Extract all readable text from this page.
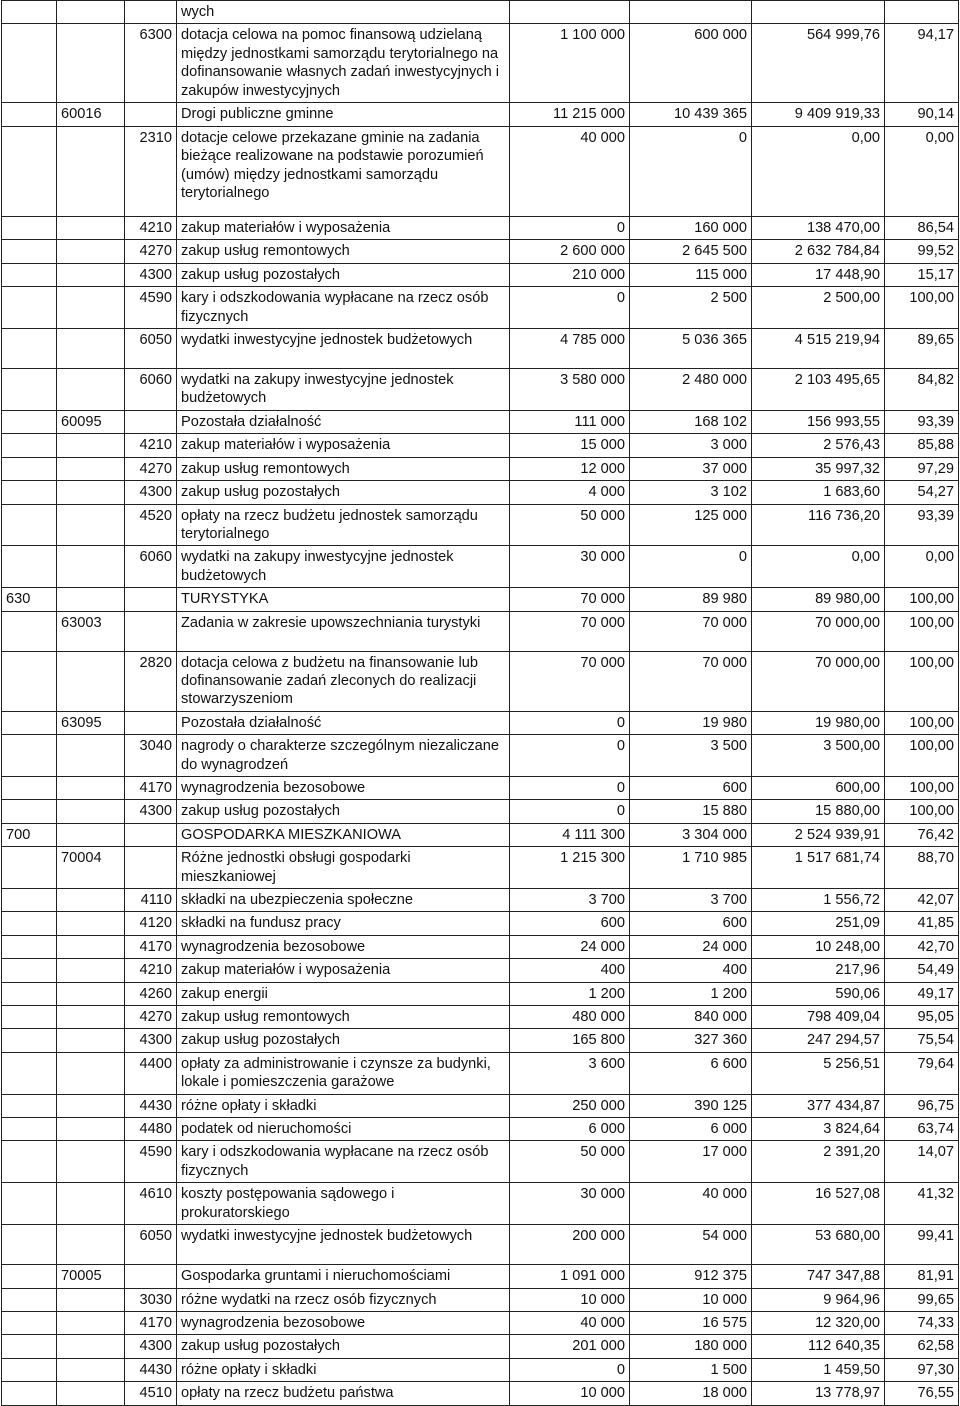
			wych				
		6300	dotacja celowa na pomoc finansową udzielaną między jednostkami samorządu terytorialnego na dofinansowanie własnych zadań inwestycyjnych i zakupów inwestycyjnych	1 100 000	600 000	564 999,76	94,17
	60016		Drogi publiczne gminne	11 215 000	10 439 365	9 409 919,33	90,14
		2310	dotacje celowe przekazane gminie na zadania bieżące realizowane na podstawie porozumień (umów) między jednostkami samorządu terytorialnego	40 000	0	0,00	0,00
		4210	zakup materiałów i wyposażenia	0	160 000	138 470,00	86,54
		4270	zakup usług remontowych	2 600 000	2 645 500	2 632 784,84	99,52
		4300	zakup usług pozostałych	210 000	115 000	17 448,90	15,17
		4590	kary i odszkodowania wypłacane na rzecz osób fizycznych	0	2 500	2 500,00	100,00
		6050	wydatki inwestycyjne jednostek budżetowych	4 785 000	5 036 365	4 515 219,94	89,65
		6060	wydatki na zakupy inwestycyjne jednostek budżetowych	3 580 000	2 480 000	2 103 495,65	84,82
	60095		Pozostała działalność	111 000	168 102	156 993,55	93,39
		4210	zakup materiałów i wyposażenia	15 000	3 000	2 576,43	85,88
		4270	zakup usług remontowych	12 000	37 000	35 997,32	97,29
		4300	zakup usług pozostałych	4 000	3 102	1 683,60	54,27
		4520	opłaty na rzecz budżetu jednostek samorządu terytorialnego	50 000	125 000	116 736,20	93,39
		6060	wydatki na zakupy inwestycyjne jednostek budżetowych	30 000	0	0,00	0,00
630			TURYSTYKA	70 000	89 980	89 980,00	100,00
	63003		Zadania w zakresie upowszechniania turystyki	70 000	70 000	70 000,00	100,00
		2820	dotacja celowa z budżetu na finansowanie lub dofinansowanie zadań zleconych do realizacji stowarzyszeniom	70 000	70 000	70 000,00	100,00
	63095		Pozostała działalność	0	19 980	19 980,00	100,00
		3040	nagrody o charakterze szczególnym niezaliczane do wynagrodzeń	0	3 500	3 500,00	100,00
		4170	wynagrodzenia bezosobowe	0	600	600,00	100,00
		4300	zakup usług pozostałych	0	15 880	15 880,00	100,00
700			GOSPODARKA MIESZKANIOWA	4 111 300	3 304 000	2 524 939,91	76,42
	70004		Różne jednostki obsługi gospodarki mieszkaniowej	1 215 300	1 710 985	1 517 681,74	88,70
		4110	składki na ubezpieczenia społeczne	3 700	3 700	1 556,72	42,07
		4120	składki na fundusz pracy	600	600	251,09	41,85
		4170	wynagrodzenia bezosobowe	24 000	24 000	10 248,00	42,70
		4210	zakup materiałów i wyposażenia	400	400	217,96	54,49
		4260	zakup energii	1 200	1 200	590,06	49,17
		4270	zakup usług remontowych	480 000	840 000	798 409,04	95,05
		4300	zakup usług pozostałych	165 800	327 360	247 294,57	75,54
		4400	opłaty za administrowanie i czynsze za budynki, lokale i pomieszczenia garażowe	3 600	6 600	5 256,51	79,64
		4430	różne opłaty i składki	250 000	390 125	377 434,87	96,75
		4480	podatek od nieruchomości	6 000	6 000	3 824,64	63,74
		4590	kary i odszkodowania wypłacane na rzecz osób fizycznych	50 000	17 000	2 391,20	14,07
		4610	koszty postępowania sądowego i prokuratorskiego	30 000	40 000	16 527,08	41,32
		6050	wydatki inwestycyjne jednostek budżetowych	200 000	54 000	53 680,00	99,41
	70005		Gospodarka gruntami i nieruchomościami	1 091 000	912 375	747 347,88	81,91
		3030	różne wydatki na rzecz osób fizycznych	10 000	10 000	9 964,96	99,65
		4170	wynagrodzenia bezosobowe	40 000	16 575	12 320,00	74,33
		4300	zakup usług pozostałych	201 000	180 000	112 640,35	62,58
		4430	różne opłaty i składki	0	1 500	1 459,50	97,30
		4510	opłaty na rzecz budżetu państwa	10 000	18 000	13 778,97	76,55
